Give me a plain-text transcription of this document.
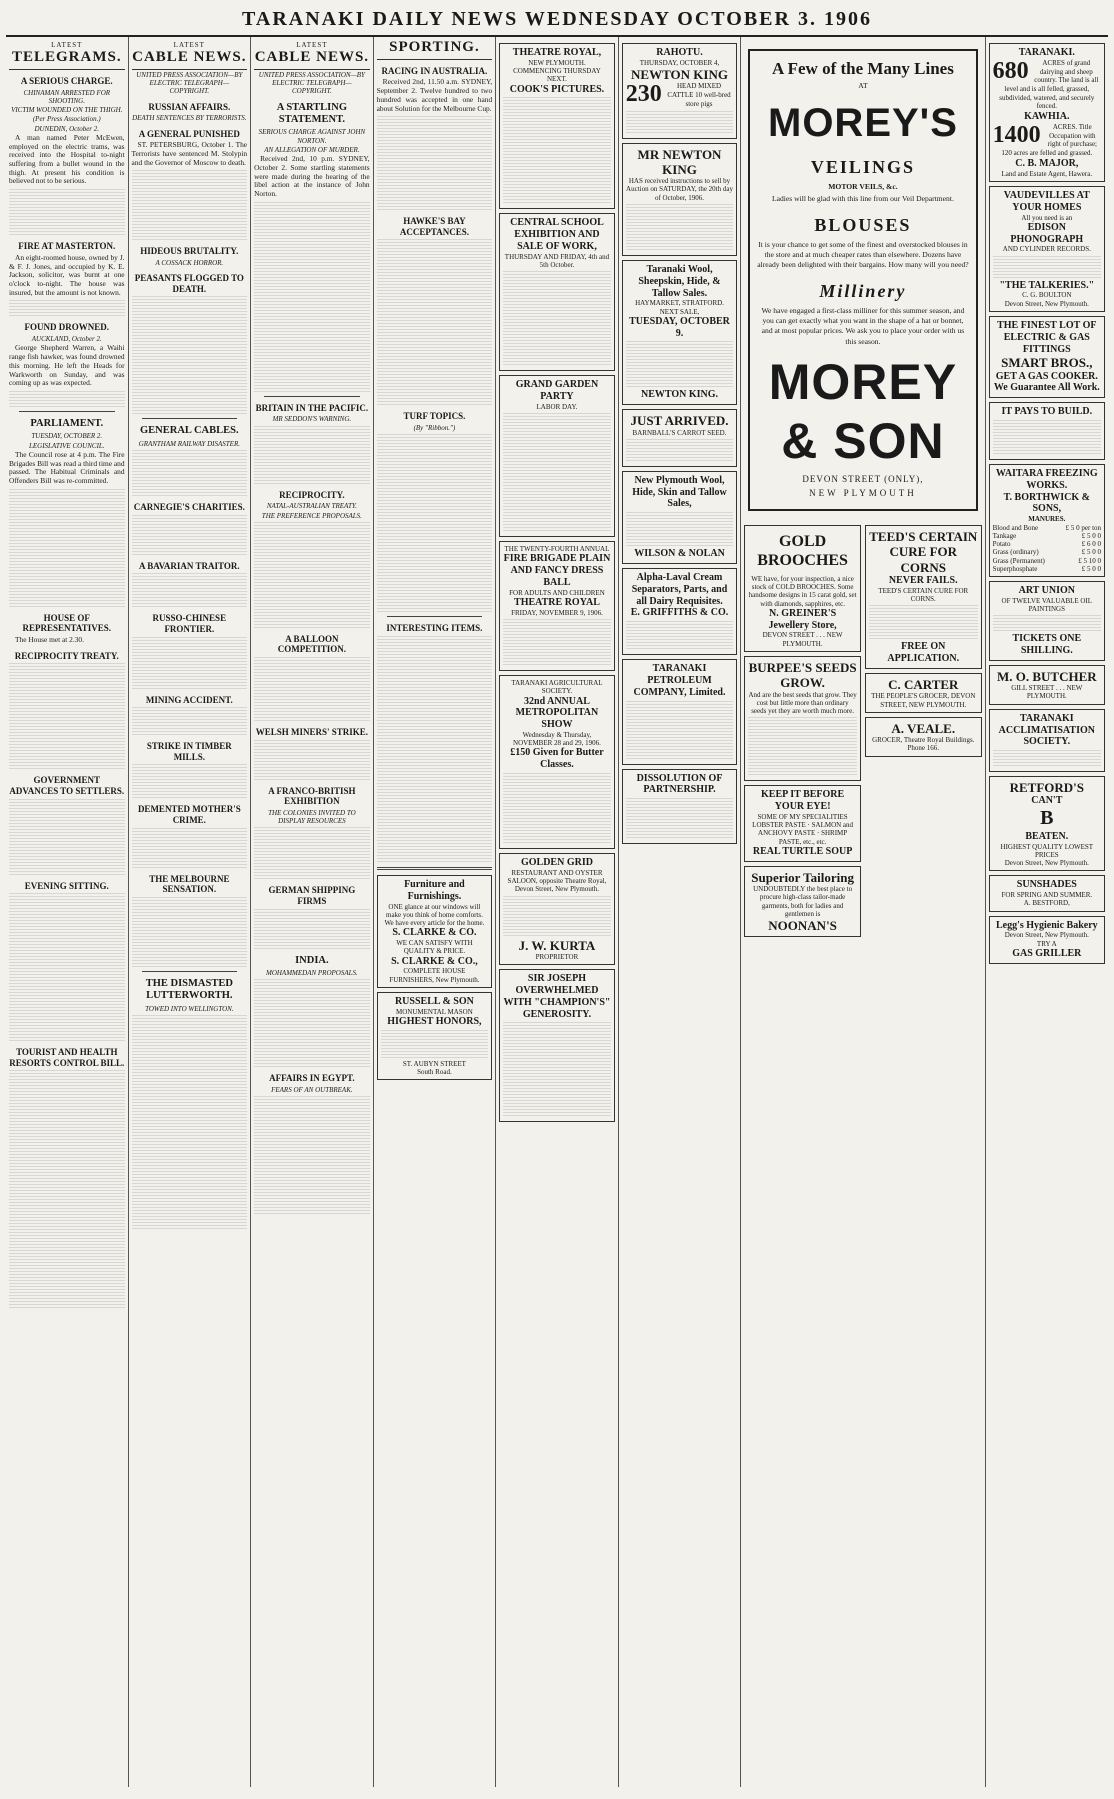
TARANAKI DAILY NEWS WEDNESDAY OCTOBER 3. 1906
LATEST
TELEGRAMS.
A SERIOUS CHARGE.
CHINAMAN ARRESTED FOR SHOOTING.
VICTIM WOUNDED ON THE THIGH.
(Per Press Association.)
DUNEDIN, October 2.

A man named Peter McEwen, employed on the electric trams, was received into the Hospital to-night suffering from a bullet wound in the thigh. At present his condition is believed not to be serious.

FIRE AT MASTERTON.

An eight-roomed house, owned by J. & F. J. Jones, and occupied by K. E. Jackson, solicitor, was burnt at one o'clock to-night. The house was insured, but the amount is not known.

FOUND DROWNED.
AUCKLAND, October 2.

George Shepherd Warren, a Waihi range fish hawker, was found drowned this morning. He left the Heads for Warkworth on Sunday, and was coming up as was expected.

PARLIAMENT.
TUESDAY, OCTOBER 2.
LEGISLATIVE COUNCIL.

The Council rose at 4 p.m. The Fire Brigades Bill was read a third time and passed. The Habitual Criminals and Offenders Bill was re-committed.

HOUSE OF REPRESENTATIVES.

The House met at 2.30.

RECIPROCITY TREATY.
GOVERNMENT ADVANCES TO SETTLERS.
EVENING SITTING.
TOURIST AND HEALTH RESORTS CONTROL BILL.
LATEST
CABLE NEWS.
UNITED PRESS ASSOCIATION—BY ELECTRIC TELEGRAPH—COPYRIGHT.
RUSSIAN AFFAIRS.
DEATH SENTENCES BY TERRORISTS.
A GENERAL PUNISHED

ST. PETERSBURG, October 1. The Terrorists have sentenced M. Stolypin and the Governor of Moscow to death.

HIDEOUS BRUTALITY.
A COSSACK HORROR.
PEASANTS FLOGGED TO DEATH.
GENERAL CABLES.
GRANTHAM RAILWAY DISASTER.
CARNEGIE'S CHARITIES.
A BAVARIAN TRAITOR.
RUSSO-CHINESE FRONTIER.
MINING ACCIDENT.
STRIKE IN TIMBER MILLS.
DEMENTED MOTHER'S CRIME.
THE MELBOURNE SENSATION.
THE DISMASTED LUTTERWORTH.
TOWED INTO WELLINGTON.
LATEST
CABLE NEWS.
UNITED PRESS ASSOCIATION—BY ELECTRIC TELEGRAPH—COPYRIGHT.
A STARTLING STATEMENT.
SERIOUS CHARGE AGAINST JOHN NORTON.
AN ALLEGATION OF MURDER.

Received 2nd, 10 p.m. SYDNEY, October 2. Some startling statements were made during the hearing of the libel action at the instance of John Norton.

BRITAIN IN THE PACIFIC.
MR SEDDON'S WARNING.
RECIPROCITY.
NATAL-AUSTRALIAN TREATY.
THE PREFERENCE PROPOSALS.
A BALLOON COMPETITION.
WELSH MINERS' STRIKE.
A FRANCO-BRITISH EXHIBITION
THE COLONIES INVITED TO DISPLAY RESOURCES
GERMAN SHIPPING FIRMS
INDIA.
MOHAMMEDAN PROPOSALS.
AFFAIRS IN EGYPT.
FEARS OF AN OUTBREAK.
SPORTING.
RACING IN AUSTRALIA.

Received 2nd, 11.50 a.m. SYDNEY, September 2. Twelve hundred to two hundred was accepted in one hand about Solution for the Melbourne Cup.

HAWKE'S BAY ACCEPTANCES.
TURF TOPICS.
(By "Ribbon.")
INTERESTING ITEMS.
Furniture and Furnishings.
ONE glance at our windows will make you think of home comforts. We have every article for the home.
S. CLARKE & CO.
WE CAN SATISFY WITH QUALITY & PRICE.
S. CLARKE & CO.,
COMPLETE HOUSE FURNISHERS, New Plymouth.
RUSSELL & SON
MONUMENTAL MASON
HIGHEST HONORS,
ST. AUBYN STREET
South Road.
THEATRE ROYAL,
NEW PLYMOUTH.
COMMENCING THURSDAY NEXT.
COOK'S PICTURES.
CENTRAL SCHOOL
EXHIBITION AND SALE OF WORK,
THURSDAY AND FRIDAY, 4th and 5th October.
GRAND GARDEN PARTY
LABOR DAY.
THE TWENTY-FOURTH ANNUAL
FIRE BRIGADE PLAIN AND FANCY DRESS BALL
FOR ADULTS AND CHILDREN
THEATRE ROYAL
FRIDAY, NOVEMBER 9, 1906.
TARANAKI AGRICULTURAL SOCIETY.
32nd ANNUAL METROPOLITAN SHOW
Wednesday & Thursday, NOVEMBER 28 and 29, 1906.
£150 Given for Butter Classes.
GOLDEN GRID
RESTAURANT AND OYSTER SALOON, opposite Theatre Royal, Devon Street, New Plymouth.
J. W. KURTA
PROPRIETOR
SIR JOSEPH OVERWHELMED WITH "CHAMPION'S" GENEROSITY.
RAHOTU.
THURSDAY, OCTOBER 4,
NEWTON KING
230 HEAD MIXED CATTLE 10 well-bred store pigs
MR NEWTON KING
HAS received instructions to sell by Auction on SATURDAY, the 20th day of October, 1906.
Taranaki Wool, Sheepskin, Hide, & Tallow Sales.
HAYMARKET, STRATFORD.
NEXT SALE,
TUESDAY, OCTOBER 9.
NEWTON KING.
JUST ARRIVED.
BARNBALL'S CARROT SEED.
New Plymouth Wool, Hide, Skin and Tallow Sales,
WILSON & NOLAN
Alpha-Laval Cream Separators, Parts, and all Dairy Requisites.
E. GRIFFITHS & CO.
TARANAKI PETROLEUM COMPANY, Limited.
DISSOLUTION OF PARTNERSHIP.
A Few of the Many Lines
AT
MOREY'S
VEILINGS
MOTOR VEILS, &c.
Ladies will be glad with this line from our Veil Department.
BLOUSES
It is your chance to get some of the finest and overstocked blouses in the store and at much cheaper rates than elsewhere. Dozens have already been delighted with their bargains. How many will you need?
Millinery
We have engaged a first-class milliner for this summer season, and you can get exactly what you want in the shape of a hat or bonnet, and at most popular prices. We ask you to place your order with us this season.
MOREY & SON
DEVON STREET (ONLY),
NEW PLYMOUTH
GOLD BROOCHES
WE have, for your inspection, a nice stock of COLD BROOCHES. Some handsome designs in 15 carat gold, set with diamonds, sapphires, etc.
N. GREINER'S Jewellery Store,
DEVON STREET . . . NEW PLYMOUTH.
BURPEE'S SEEDS GROW.
And are the best seeds that grow. They cost but little more than ordinary seeds yet they are worth much more.
KEEP IT BEFORE YOUR EYE!
SOME OF MY SPECIALITIES
LOBSTER PASTE · SALMON and ANCHOVY PASTE · SHRIMP PASTE, etc., etc.
REAL TURTLE SOUP
Superior Tailoring
UNDOUBTEDLY the best place to procure high-class tailor-made garments, both for ladies and gentlemen is
NOONAN'S
TEED'S CERTAIN CURE FOR CORNS
NEVER FAILS.
TEED'S CERTAIN CURE FOR CORNS.
FREE ON APPLICATION.
C. CARTER
THE PEOPLE'S GROCER, DEVON STREET, NEW PLYMOUTH.
A. VEALE.
GROCER, Theatre Royal Buildings. Phone 166.
TARANAKI.
680 ACRES of grand dairying and sheep country. The land is all level and is all felled, grassed, subdivided, watered, and securely fenced.
KAWHIA.
1400 ACRES. Title Occupation with right of purchase; 120 acres are felled and grassed.
C. B. MAJOR,
Land and Estate Agent, Hawera.
VAUDEVILLES AT YOUR HOMES
All you need is an
EDISON PHONOGRAPH
AND CYLINDER RECORDS.
"THE TALKERIES."
C. G. BOULTON
Devon Street, New Plymouth.
THE FINEST LOT OF ELECTRIC & GAS FITTINGS
SMART BROS.,
GET A GAS COOKER.
We Guarantee All Work.
IT PAYS TO BUILD.
WAITARA FREEZING WORKS.
T. BORTHWICK & SONS,
MANURES.
Blood and Bone	£ 5 0 per ton
Tankage	£ 5 0 0
Potato	£ 6 0 0
Grass (ordinary)	£ 5 0 0
Grass (Permanent)	£ 5 10 0
Superphosphate	£ 5 0 0
ART UNION
OF TWELVE VALUABLE OIL PAINTINGS
TICKETS ONE SHILLING.
M. O. BUTCHER
GILL STREET . . . NEW PLYMOUTH.
TARANAKI ACCLIMATISATION SOCIETY.
RETFORD'S
CAN'T
B
BEATEN.
HIGHEST QUALITY LOWEST PRICES
Devon Street, New Plymouth.
SUNSHADES
FOR SPRING AND SUMMER.
A. BESTFORD,
Legg's Hygienic Bakery
Devon Street, New Plymouth.
TRY A
GAS GRILLER
